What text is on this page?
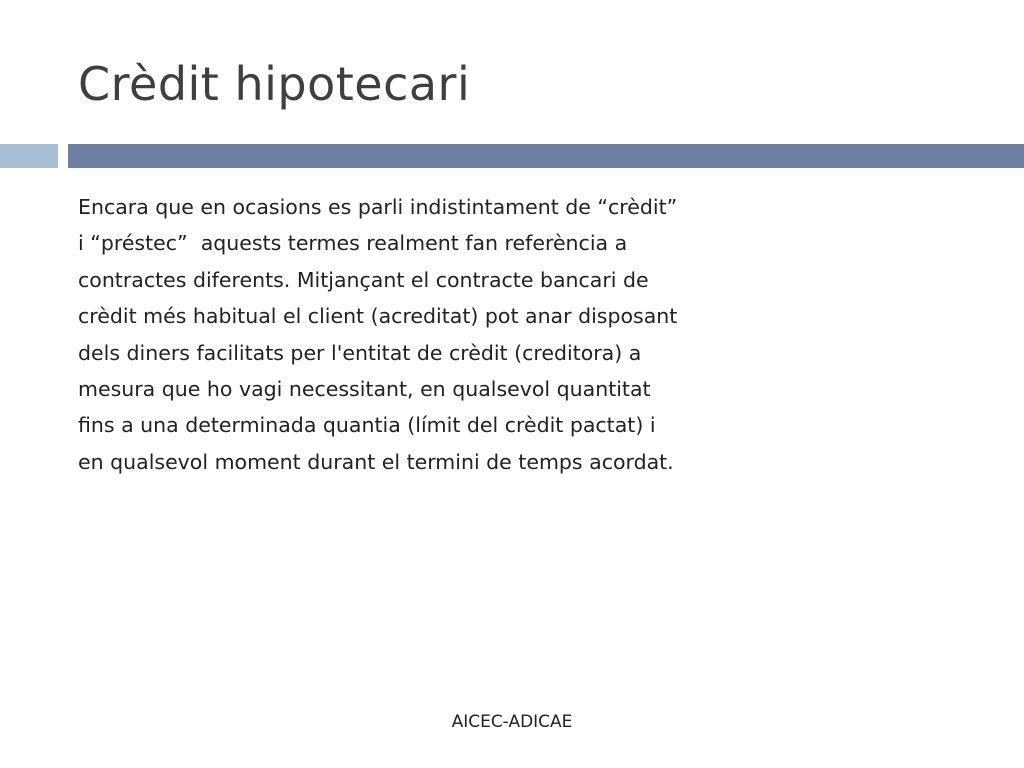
Crèdit hipotecari

Encara que en ocasions es parli indistintament de “crèdit”
i “préstec”  aquests termes realment fan referència a
contractes diferents. Mitjançant el contracte bancari de
crèdit més habitual el client (acreditat) pot anar disposant
dels diners facilitats per l'entitat de crèdit (creditora) a
mesura que ho vagi necessitant, en qualsevol quantitat
fins a una determinada quantia (límit del crèdit pactat) i
en qualsevol moment durant el termini de temps acordat.

AICEC-ADICAE
